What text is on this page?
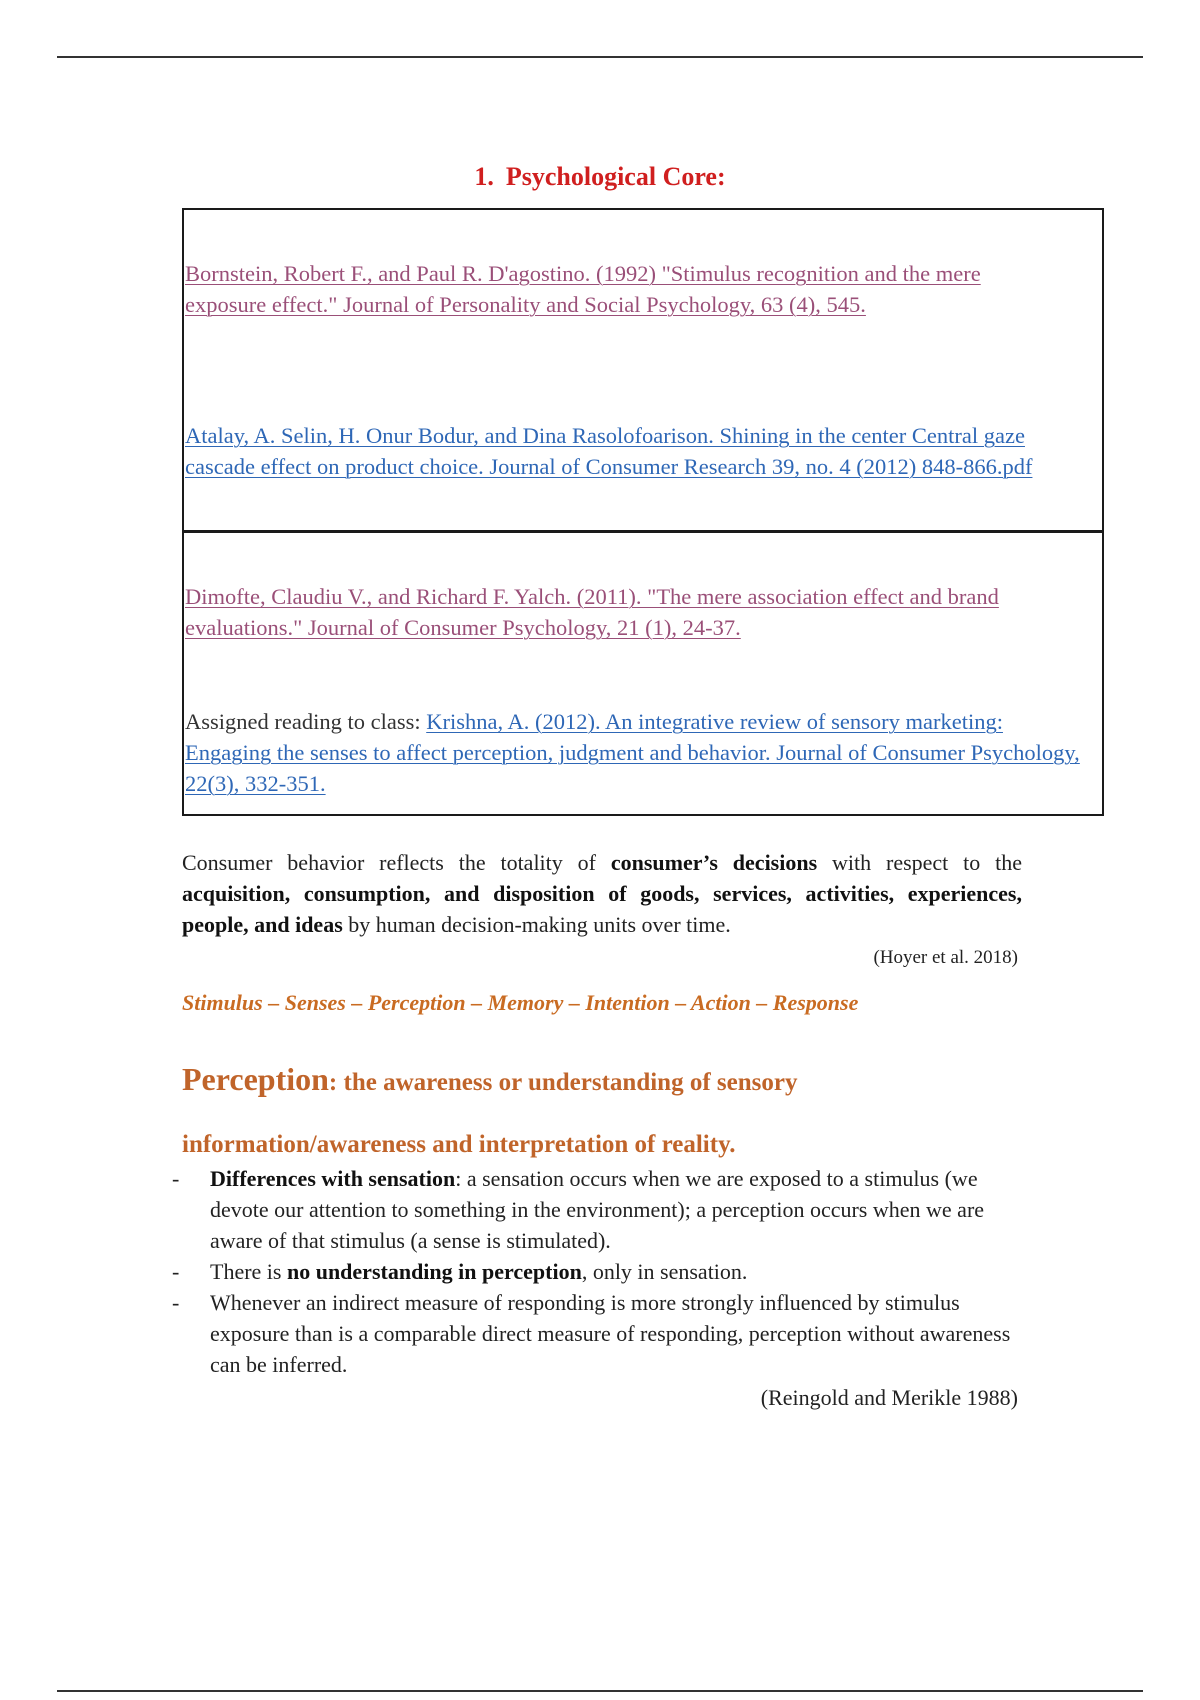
1. Psychological Core:
Bornstein, Robert F., and Paul R. D'agostino. (1992) "Stimulus recognition and the mere
exposure effect." Journal of Personality and Social Psychology, 63 (4), 545.
Atalay, A. Selin, H. Onur Bodur, and Dina Rasolofoarison. Shining in the center Central gaze
cascade effect on product choice. Journal of Consumer Research 39, no. 4 (2012) 848-866.pdf
Dimofte, Claudiu V., and Richard F. Yalch. (2011). "The mere association effect and brand
evaluations." Journal of Consumer Psychology, 21 (1), 24-37.
Assigned reading to class: Krishna, A. (2012). An integrative review of sensory marketing: Engaging the senses to affect perception, judgment and behavior. Journal of Consumer Psychology, 22(3), 332-351.
Consumer behavior reflects the totality of consumer’s decisions with respect to the acquisition, consumption, and disposition of goods, services, activities, experiences, people, and ideas by human decision-making units over time.
(Hoyer et al. 2018)
Stimulus – Senses – Perception – Memory – Intention – Action – Response
Perception: the awareness or understanding of sensory information/awareness and interpretation of reality.
- Differences with sensation: a sensation occurs when we are exposed to a stimulus (we devote our attention to something in the environment); a perception occurs when we are aware of that stimulus (a sense is stimulated).
- There is no understanding in perception, only in sensation.
- Whenever an indirect measure of responding is more strongly influenced by stimulus exposure than is a comparable direct measure of responding, perception without awareness can be inferred.
(Reingold and Merikle 1988)
